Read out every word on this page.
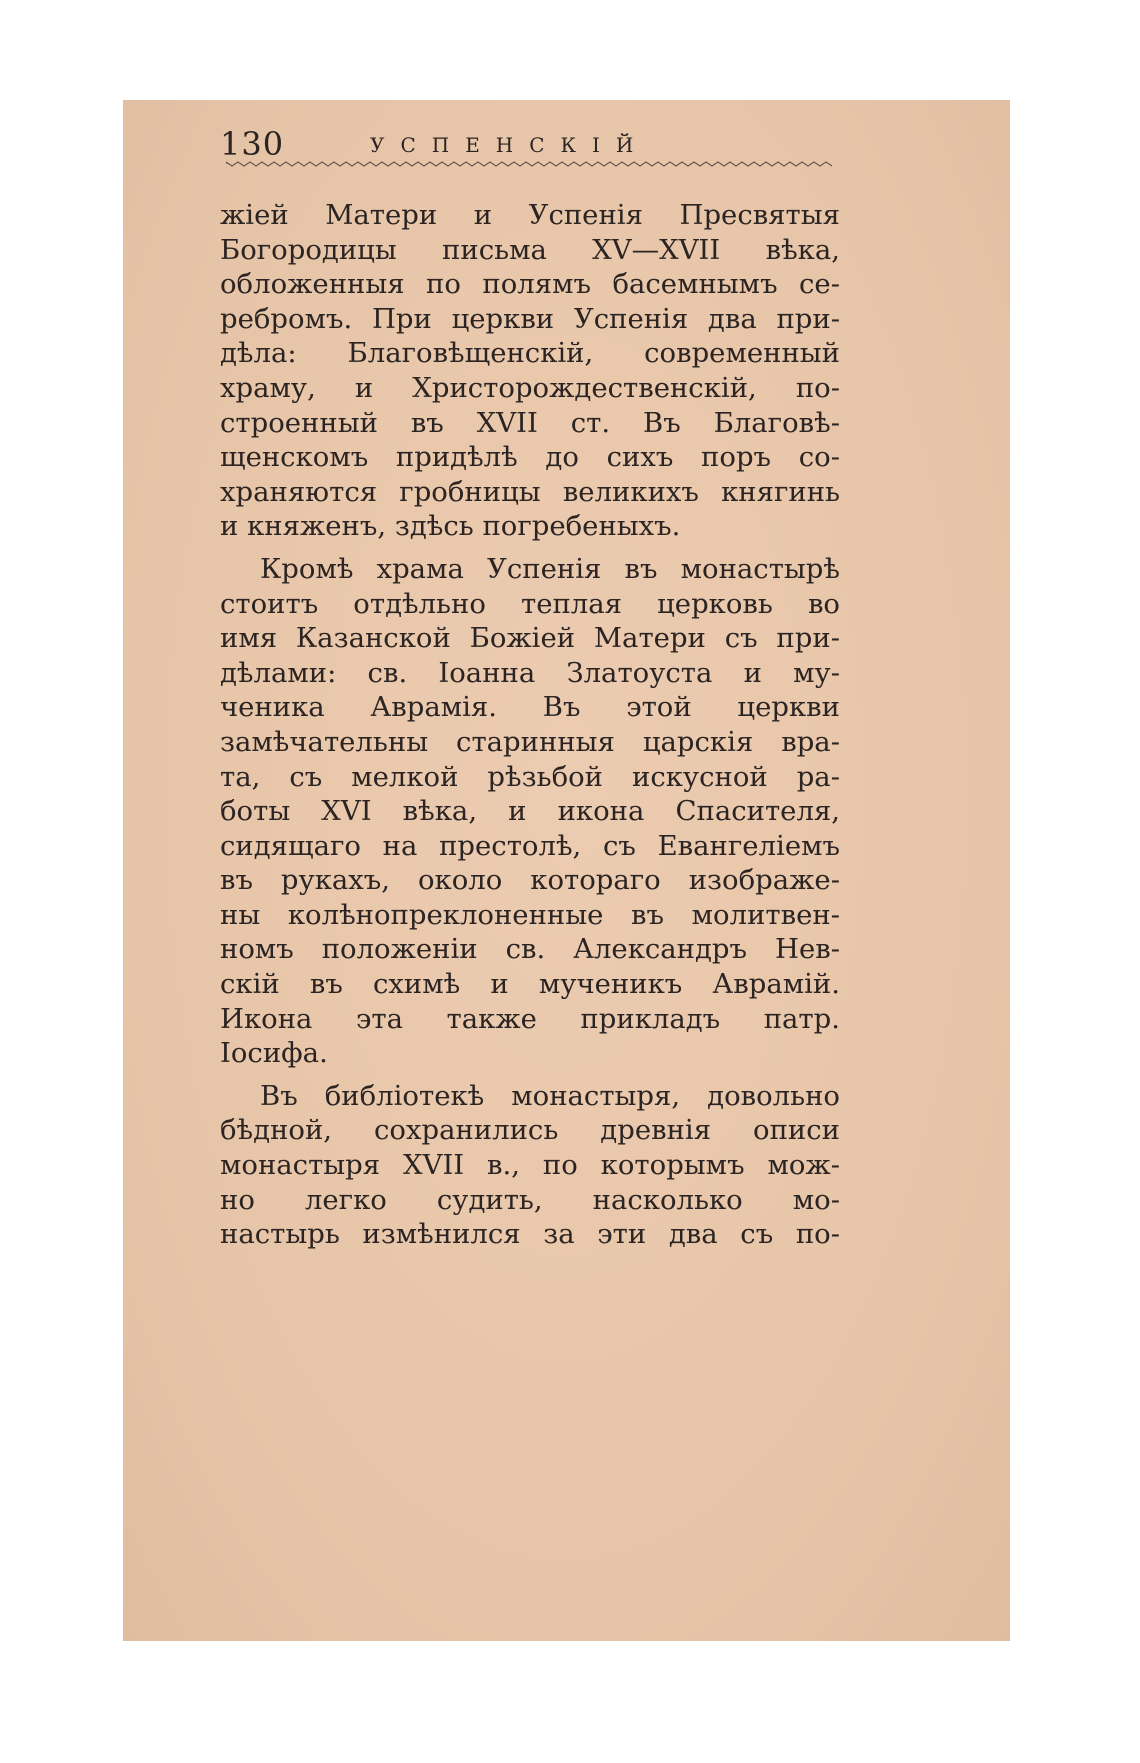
130	УСПЕНСКІЙ
жіей Матери и Успенія Пресвятыя
Богородицы письма XV—XVII вѣка,
обложенныя по полямъ басемнымъ се-
ребромъ. При церкви Успенія два при-
дѣла: Благовѣщенскій, современный
храму, и Христорождественскій, по-
строенный въ XVII ст. Въ Благовѣ-
щенскомъ придѣлѣ до сихъ поръ со-
храняются гробницы великихъ княгинь
и княженъ, здѣсь погребеныхъ.
Кромѣ храма Успенія въ монастырѣ
стоитъ отдѣльно теплая церковь во
имя Казанской Божіей Матери съ при-
дѣлами: св. Іоанна Златоуста и му-
ченика Аврамія. Въ этой церкви
замѣчательны старинныя царскія вра-
та, съ мелкой рѣзьбой искусной ра-
боты XVI вѣка, и икона Спасителя,
сидящаго на престолѣ, съ Евангеліемъ
въ рукахъ, около котораго изображе-
ны колѣнопреклоненные въ молитвен-
номъ положеніи св. Александръ Нев-
скій въ схимѣ и мученикъ Аврамій.
Икона эта также прикладъ патр.
Іосифа.
Въ библіотекѣ монастыря, довольно
бѣдной, сохранились древнія описи
монастыря XVII в., по которымъ мож-
но легко судить, насколько мо-
настырь измѣнился за эти два съ по-
